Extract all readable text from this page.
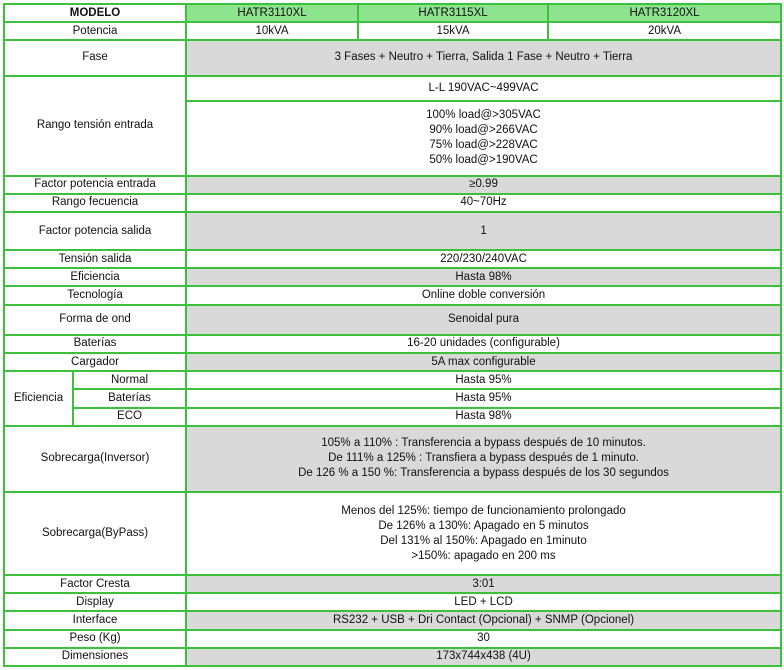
MODELO		HATR3110XL	HATR3115XL	HATR3120XL
Potencia		10kVA	15kVA	20kVA
Fase		3 Fases + Neutro + Tierra, Salida 1 Fase + Neutro + Tierra		
Rango tensión entrada		L-L 190VAC~499VAC		

		100% load@>305VAC
90% load@>266VAC
75% load@>228VAC
50% load@>190VAC		

Factor potencia entrada		≥0.99		
Rango fecuencia		40~70Hz		
Factor potencia salida		1		
Tensión salida		220/230/240VAC		
Eficiencia		Hasta 98%		
Tecnología		Online doble conversión		
Forma de ond		Senoidal pura		
Baterías		16-20 unidades (configurable)		
Cargador		5A max configurable		
Eficiencia	Normal	Hasta 95%		
	Baterías	Hasta 95%		
	ECO	Hasta 98%		
Sobrecarga(Inversor)		105% a 110% : Transferencia a bypass después de 10 minutos.
De 111% a 125% : Transfiera a bypass después de 1 minuto.
De 126 % a 150 %: Transferencia a bypass después de los 30 segundos		

Sobrecarga(ByPass)		Menos del 125%: tiempo de funcionamiento prolongado
De 126% a 130%: Apagado en 5 minutos
Del 131% al 150%: Apagado en 1minuto
>150%: apagado en 200 ms		

Factor Cresta		3:01		
Display		LED + LCD		
Interface		RS232 + USB + Dri Contact (Opcional) + SNMP (Opcionel)		
Peso (Kg)		30		
Dimensiones		173x744x438 (4U)		
